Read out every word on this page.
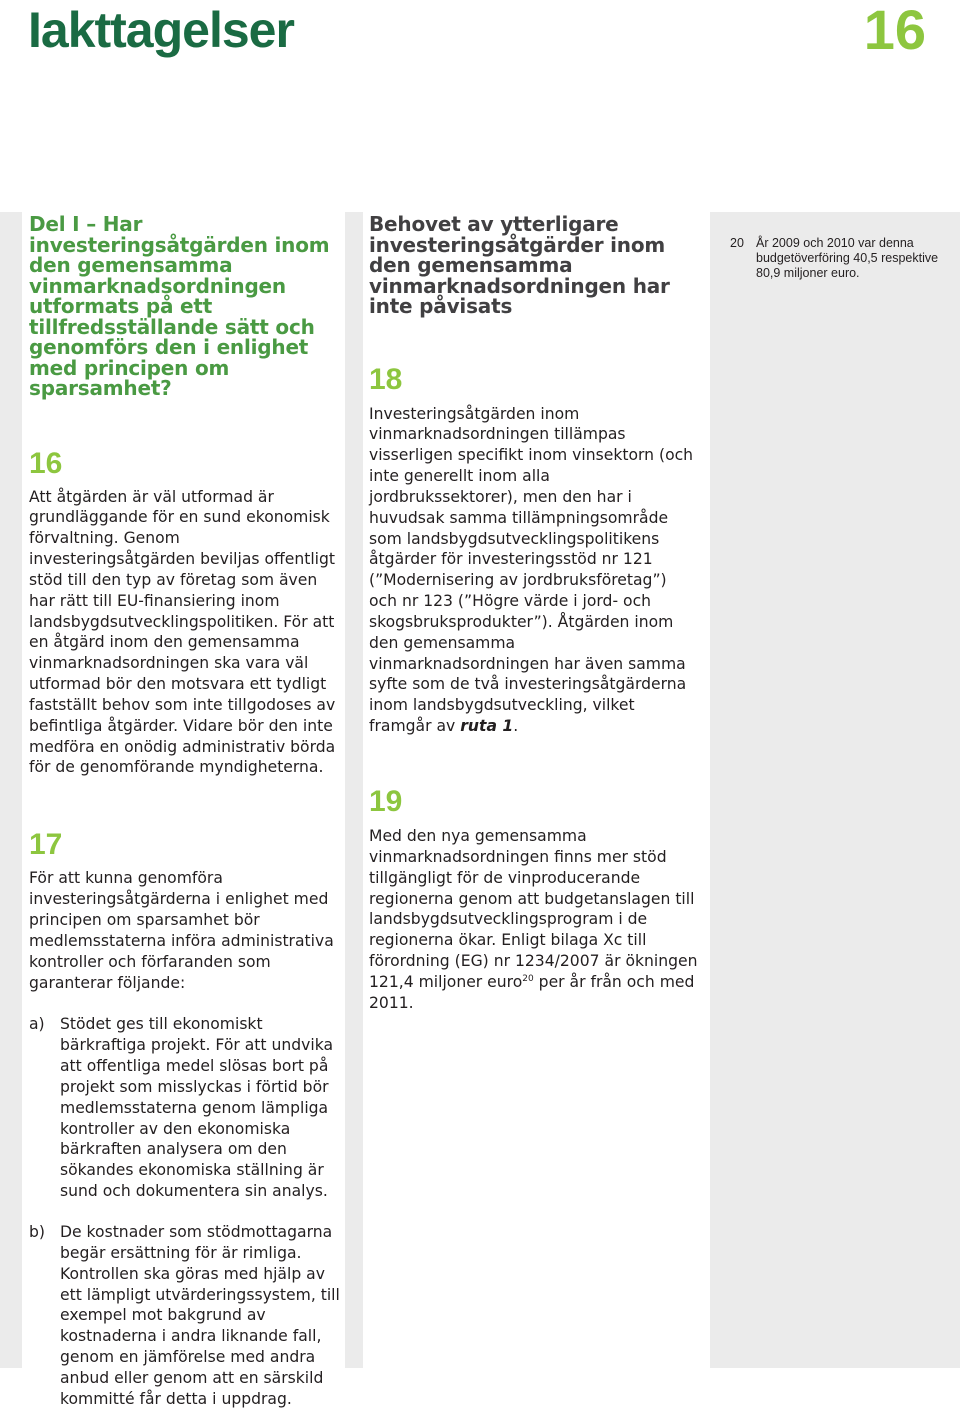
Iakttagelser	16
Del I – Har investeringsåtgärden inom den gemensamma vinmarknadsordningen utformats på ett tillfredsställande sätt och genomförs den i enlighet med principen om sparsamhet?
16

Att åtgärden är väl utformad är grundläggande för en sund ekonomisk förvaltning. Genom investeringsåtgärden beviljas offentligt stöd till den typ av företag som även har rätt till EU-finansiering inom landsbygdsutvecklingspolitiken. För att en åtgärd inom den gemensamma vinmarknadsordningen ska vara väl utformad bör den motsvara ett tydligt fastställt behov som inte tillgodoses av befintliga åtgärder. Vidare bör den inte medföra en onödig administrativ börda för de genomförande myndigheterna.

17

För att kunna genomföra investeringsåtgärderna i enlighet med principen om sparsamhet bör medlemsstaterna införa administrativa kontroller och förfaranden som garanterar följande:

a) Stödet ges till ekonomiskt bärkraftiga projekt. För att undvika att offentliga medel slösas bort på projekt som misslyckas i förtid bör medlemsstaterna genom lämpliga kontroller av den ekonomiska bärkraften analysera om den sökandes ekonomiska ställning är sund och dokumentera sin analys.

b) De kostnader som stödmottagarna begär ersättning för är rimliga. Kontrollen ska göras med hjälp av ett lämpligt utvärderingssystem, till exempel mot bakgrund av kostnaderna i andra liknande fall, genom en jämförelse med andra anbud eller genom att en särskild kommitté får detta i uppdrag.

Behovet av ytterligare investeringsåtgärder inom den gemensamma vinmarknadsordningen har inte påvisats
18

Investeringsåtgärden inom vinmarknadsordningen tillämpas visserligen specifikt inom vinsektorn (och inte generellt inom alla jordbrukssektorer), men den har i huvudsak samma tillämpningsområde som landsbygdsutvecklingspolitikens åtgärder för investeringsstöd nr 121 (”Modernisering av jordbruksföretag”) och nr 123 (”Högre värde i jord- och skogsbruksprodukter”). Åtgärden inom den gemensamma vinmarknadsordningen har även samma syfte som de två investeringsåtgärderna inom landsbygdsutveckling, vilket framgår av ruta 1.

19

Med den nya gemensamma vinmarknadsordningen finns mer stöd tillgängligt för de vinproducerande regionerna genom att budgetanslagen till landsbygdsutvecklingsprogram i de regionerna ökar. Enligt bilaga Xc till förordning (EG) nr 1234/2007 är ökningen 121,4 miljoner euro$^{20}$ per år från och med 2011.

20 År 2009 och 2010 var denna budgetöverföring 40,5 respektive 80,9 miljoner euro.
